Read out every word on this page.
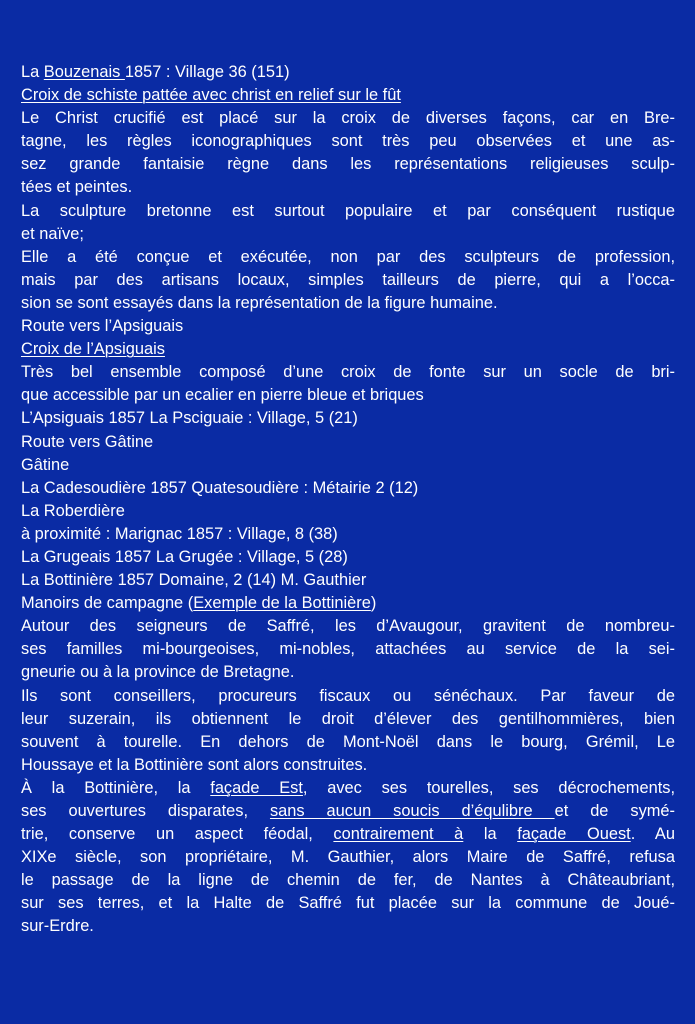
La Bouzenais 1857 : Village 36 (151)
Croix de schiste pattée avec christ en relief sur le fût
Le Christ crucifié est placé sur la croix de diverses façons, car en Bre-
tagne, les règles iconographiques sont très peu observées et une as-
sez grande fantaisie règne dans les représentations religieuses sculp-
tées et peintes.
La sculpture bretonne est surtout populaire et par conséquent rustique
et naïve;
Elle a été conçue et exécutée, non par des sculpteurs de profession,
mais par des artisans locaux, simples tailleurs de pierre, qui a l’occa-
sion se sont essayés dans la représentation de la figure humaine.
Route vers l’Apsiguais
Croix de l’Apsiguais
Très bel ensemble composé d’une croix de fonte sur un socle de bri-
que accessible par un ecalier en pierre bleue et briques
L’Apsiguais 1857 La Psciguaie : Village, 5 (21)
Route vers Gâtine
Gâtine
La Cadesoudière 1857 Quatesoudière : Métairie 2 (12)
La Roberdière
à proximité : Marignac 1857 : Village, 8 (38)
La Grugeais 1857 La Grugée : Village, 5 (28)
La Bottinière 1857 Domaine, 2 (14) M. Gauthier
Manoirs de campagne (Exemple de la Bottinière)
Autour des seigneurs de Saffré, les d’Avaugour, gravitent de nombreu-
ses familles mi-bourgeoises, mi-nobles, attachées au service de la sei-
gneurie ou à la province de Bretagne.
Ils sont conseillers, procureurs fiscaux ou sénéchaux. Par faveur de
leur suzerain, ils obtiennent le droit d’élever des gentilhommières, bien
souvent à tourelle. En dehors de Mont-Noël dans le bourg, Grémil, Le
Houssaye et la Bottinière sont alors construites.
À la Bottinière, la façade Est, avec ses tourelles, ses décrochements,
ses ouvertures disparates, sans aucun soucis d’équlibre et de symé-
trie, conserve un aspect féodal, contrairement à la façade Ouest. Au
XIXe siècle, son propriétaire, M. Gauthier, alors Maire de Saffré, refusa
le passage de la ligne de chemin de fer, de Nantes à Châteaubriant,
sur ses terres, et la Halte de Saffré fut placée sur la commune de Joué-
sur-Erdre.
